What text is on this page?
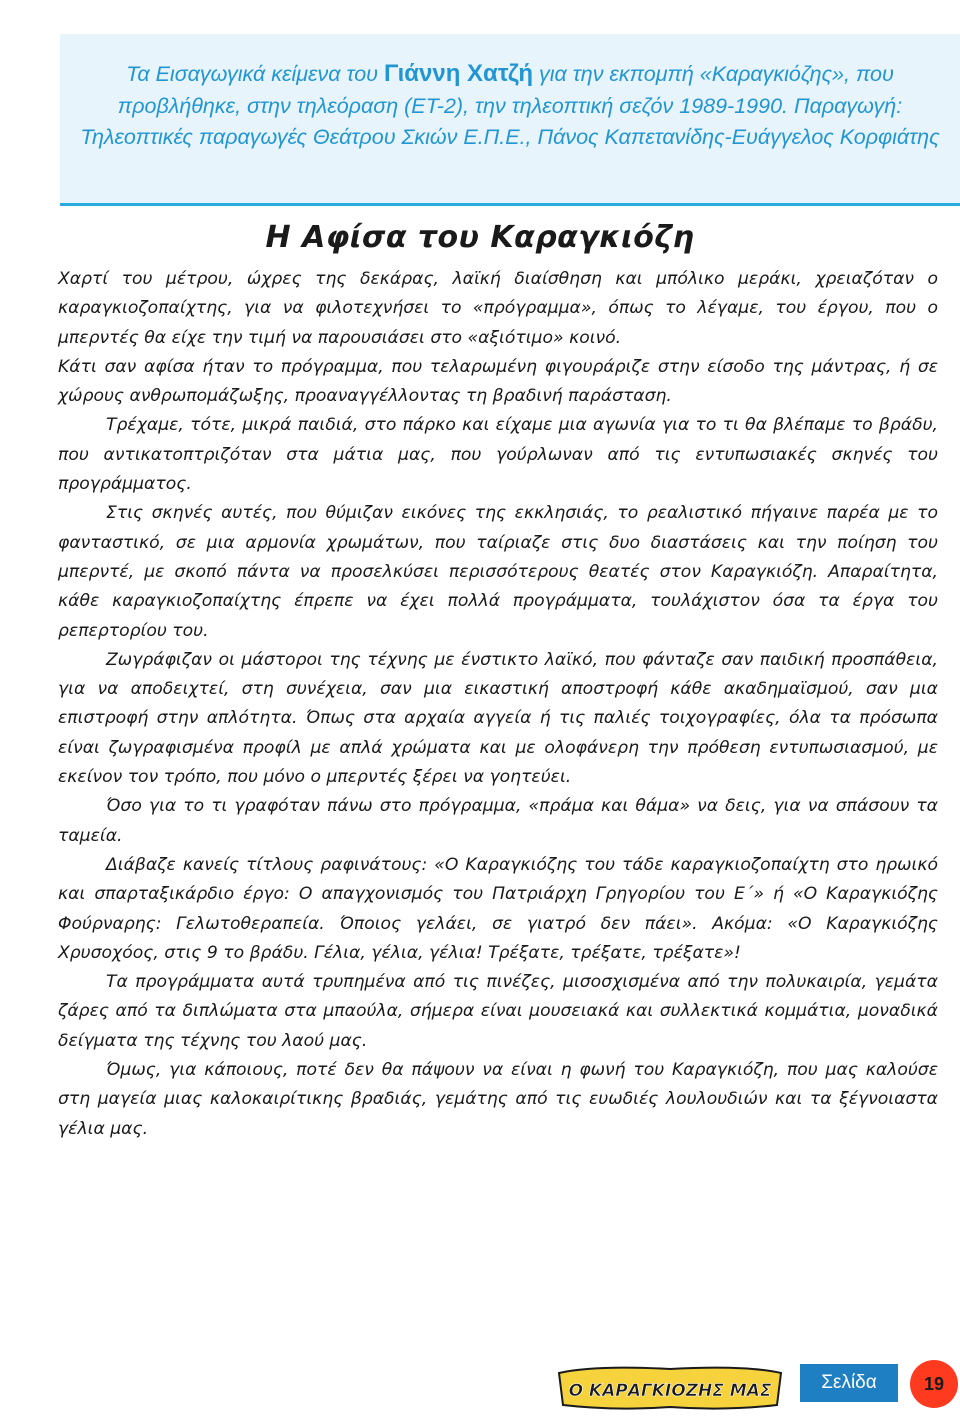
Τα Εισαγωγικά κείμενα του Γιάννη Χατζή για την εκπομπή «Καραγκιόζης», που προβλήθηκε, στην τηλεόραση (ΕΤ-2), την τηλεοπτική σεζόν 1989-1990. Παραγωγή: Τηλεοπτικές παραγωγές Θεάτρου Σκιών Ε.Π.Ε., Πάνος Καπετανίδης-Ευάγγελος Κορφιάτης
Η Αφίσα του Καραγκιόζη

Χαρτί του μέτρου, ώχρες της δεκάρας, λαϊκή διαίσθηση και μπόλικο μεράκι, χρειαζόταν ο καραγκιοζοπαίχτης, για να φιλοτεχνήσει το «πρόγραμμα», όπως το λέγαμε, του έργου, που ο μπερντές θα είχε την τιμή να παρουσιάσει στο «αξιότιμο» κοινό.

Κάτι σαν αφίσα ήταν το πρόγραμμα, που τελαρωμένη φιγουράριζε στην είσοδο της μάντρας, ή σε χώρους ανθρωπομάζωξης, προαναγγέλλοντας τη βραδινή παράσταση.

Τρέχαμε, τότε, μικρά παιδιά, στο πάρκο και είχαμε μια αγωνία για το τι θα βλέπαμε το βράδυ, που αντικατοπτριζόταν στα μάτια μας, που γούρλωναν από τις εντυπωσιακές σκηνές του προγράμματος.

Στις σκηνές αυτές, που θύμιζαν εικόνες της εκκλησιάς, το ρεαλιστικό πήγαινε παρέα με το φανταστικό, σε μια αρμονία χρωμάτων, που ταίριαζε στις δυο διαστάσεις και την ποίηση του μπερντέ, με σκοπό πάντα να προσελκύσει περισσότερους θεατές στον Καραγκιόζη. Απαραίτητα, κάθε καραγκιοζοπαίχτης έπρεπε να έχει πολλά προγράμματα, τουλάχιστον όσα τα έργα του ρεπερτορίου του.

Ζωγράφιζαν οι μάστοροι της τέχνης με ένστικτο λαϊκό, που φάνταζε σαν παιδική προσπάθεια, για να αποδειχτεί, στη συνέχεια, σαν μια εικαστική αποστροφή κάθε ακαδημαϊσμού, σαν μια επιστροφή στην απλότητα. Όπως στα αρχαία αγγεία ή τις παλιές τοιχογραφίες, όλα τα πρόσωπα είναι ζωγραφισμένα προφίλ με απλά χρώματα και με ολοφάνερη την πρόθεση εντυπωσιασμού, με εκείνον τον τρόπο, που μόνο ο μπερντές ξέρει να γοητεύει.

Όσο για το τι γραφόταν πάνω στο πρόγραμμα, «πράμα και θάμα» να δεις, για να σπάσουν τα ταμεία.

Διάβαζε κανείς τίτλους ραφινάτους: «Ο Καραγκιόζης του τάδε καραγκιοζοπαίχτη στο ηρωικό και σπαρταξικάρδιο έργο: Ο απαγχονισμός του Πατριάρχη Γρηγορίου του Ε΄» ή «Ο Καραγκιόζης Φούρναρης: Γελωτοθεραπεία. Όποιος γελάει, σε γιατρό δεν πάει». Ακόμα: «Ο Καραγκιόζης Χρυσοχόος, στις 9 το βράδυ. Γέλια, γέλια, γέλια! Τρέξατε, τρέξατε, τρέξατε»!

Τα προγράμματα αυτά τρυπημένα από τις πινέζες, μισοσχισμένα από την πολυκαιρία, γεμάτα ζάρες από τα διπλώματα στα μπαούλα, σήμερα είναι μουσειακά και συλλεκτικά κομμάτια, μοναδικά δείγματα της τέχνης του λαού μας.

Όμως, για κάποιους, ποτέ δεν θα πάψουν να είναι η φωνή του Καραγκιόζη, που μας καλούσε στη μαγεία μιας καλοκαιρίτικης βραδιάς, γεμάτης από τις ευωδιές λουλουδιών και τα ξέγνοιαστα γέλια μας.

Ο ΚΑΡΑΓΚΙΟΖΗΣ ΜΑΣ	Σελίδα	19
